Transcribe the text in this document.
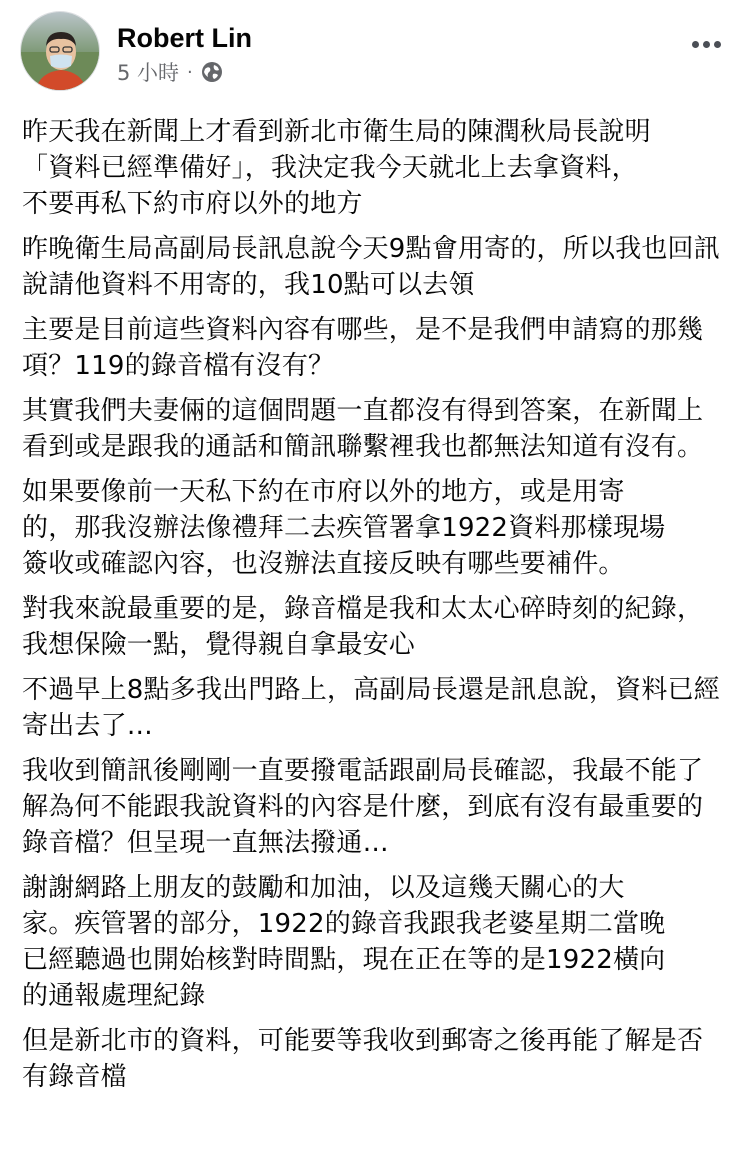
Robert Lin
5 小時 ·

昨天我在新聞上才看到新北市衛生局的陳潤秋局長說明
「資料已經準備好」，我決定我今天就北上去拿資料，
不要再私下約市府以外的地方

昨晚衛生局高副局長訊息說今天9點會用寄的，所以我也回訊說請他資料不用寄的，我10點可以去領

主要是目前這些資料內容有哪些，是不是我們申請寫的那幾項？119的錄音檔有沒有？

其實我們夫妻倆的這個問題一直都沒有得到答案，在新聞上看到或是跟我的通話和簡訊聯繫裡我也都無法知道有沒有。

如果要像前一天私下約在市府以外的地方，或是用寄
的，那我沒辦法像禮拜二去疾管署拿1922資料那樣現場
簽收或確認內容，也沒辦法直接反映有哪些要補件。

對我來說最重要的是，錄音檔是我和太太心碎時刻的紀錄，我想保險一點，覺得親自拿最安心

不過早上8點多我出門路上，高副局長還是訊息說，資料已經寄出去了…

我收到簡訊後剛剛一直要撥電話跟副局長確認，我最不能了解為何不能跟我說資料的內容是什麼，到底有沒有最重要的錄音檔？但呈現一直無法撥通…

謝謝網路上朋友的鼓勵和加油，以及這幾天關心的大
家。疾管署的部分，1922的錄音我跟我老婆星期二當晚
已經聽過也開始核對時間點，現在正在等的是1922橫向
的通報處理紀錄

但是新北市的資料，可能要等我收到郵寄之後再能了解是否有錄音檔
